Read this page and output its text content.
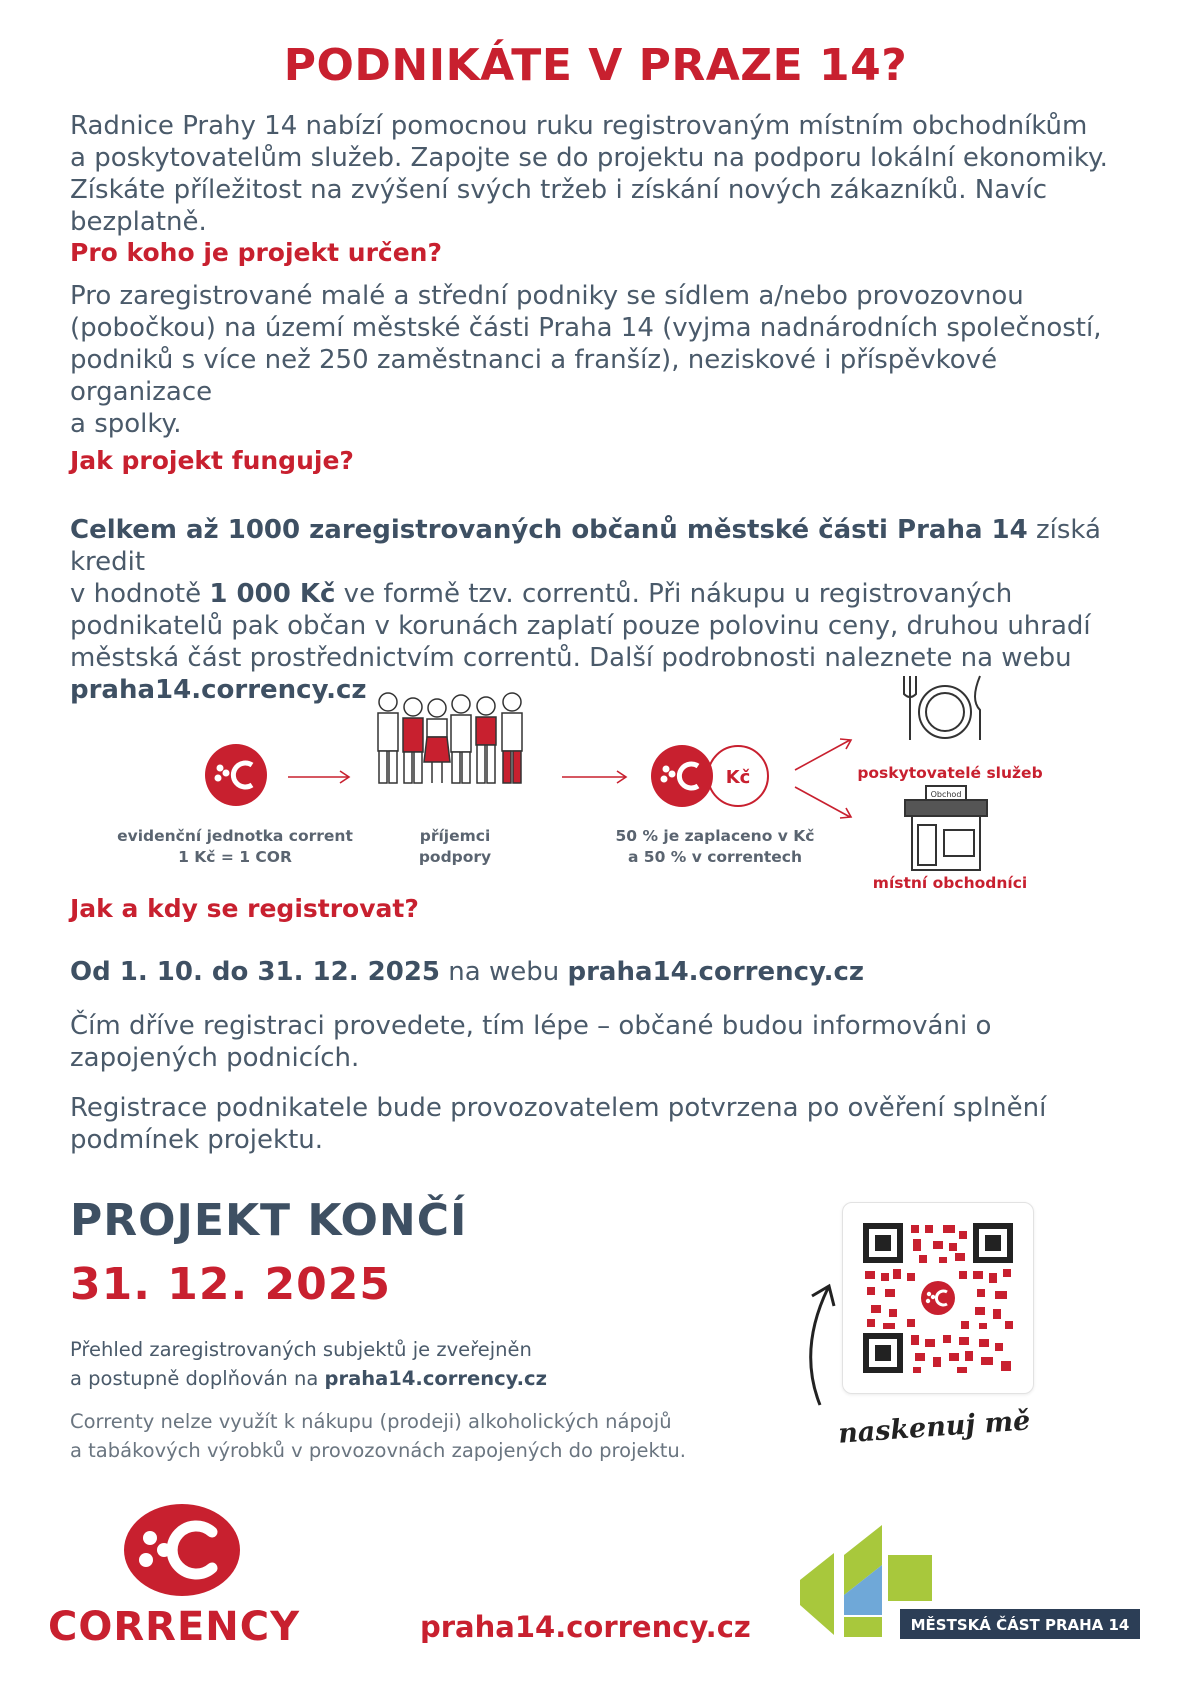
PODNIKÁTE V PRAZE 14?
Radnice Prahy 14 nabízí pomocnou ruku registrovaným místním obchodníkům
a poskytovatelům služeb. Zapojte se do projektu na podporu lokální ekonomiky.
Získáte příležitost na zvýšení svých tržeb i získání nových zákazníků. Navíc bezplatně.
Pro koho je projekt určen?
Pro zaregistrované malé a střední podniky se sídlem a/nebo provozovnou
(pobočkou) na území městské části Praha 14 (vyjma nadnárodních společností,
podniků s více než 250 zaměstnanci a franšíz), neziskové i příspěvkové organizace
a spolky.
Jak projekt funguje?
Celkem až 1000 zaregistrovaných občanů městské části Praha 14 získá kredit
v hodnotě 1 000 Kč ve formě tzv. correntů. Při nákupu u registrovaných
podnikatelů pak občan v korunách zaplatí pouze polovinu ceny, druhou uhradí
městská část prostřednictvím correntů. Další podrobnosti naleznete na webu
praha14.corrency.cz
Obchod
Kč
evidenční jednotka corrent
1 Kč = 1 COR
příjemci
podpory
50 % je zaplaceno v Kč
a 50 % v correntech
poskytovatelé služeb
místní obchodníci
Jak a kdy se registrovat?
Od 1. 10. do 31. 12. 2025 na webu praha14.corrency.cz
Čím dříve registraci provedete, tím lépe – občané budou informováni o
zapojených podnicích.
Registrace podnikatele bude provozovatelem potvrzena po ověření splnění
podmínek projektu.
PROJEKT KONČÍ
31. 12. 2025
Přehled zaregistrovaných subjektů je zveřejněn
a postupně doplňován na praha14.corrency.cz
Correnty nelze využít k nákupu (prodeji) alkoholických nápojů
a tabákových výrobků v provozovnách zapojených do projektu.
naskenuj mě
CORRENCY	praha14.corrency.cz	MĚSTSKÁ ČÁST PRAHA 14
